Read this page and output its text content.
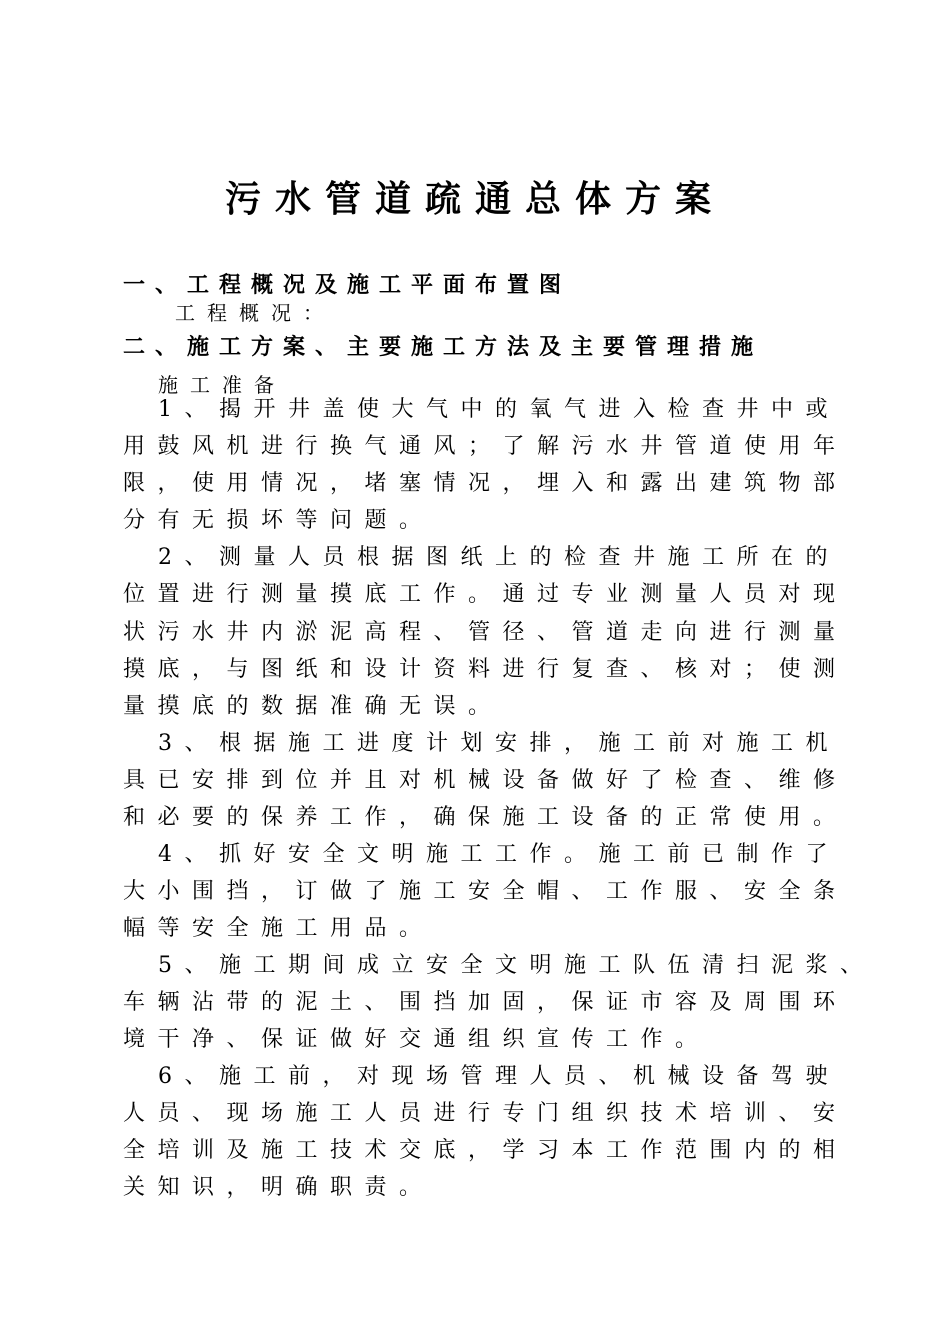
污水管道疏通总体方案
一、工程概况及施工平面布置图
工程概况：
二、施工方案、主要施工方法及主要管理措施
施工准备
1、揭开井盖使大气中的氧气进入检查井中或
用鼓风机进行换气通风；了解污水井管道使用年
限，使用情况，堵塞情况，埋入和露出建筑物部
分有无损坏等问题。
2、测量人员根据图纸上的检查井施工所在的
位置进行测量摸底工作。通过专业测量人员对现
状污水井内淤泥高程、管径、管道走向进行测量
摸底，与图纸和设计资料进行复查、核对；使测
量摸底的数据准确无误。
3、根据施工进度计划安排，施工前对施工机
具已安排到位并且对机械设备做好了检查、维修
和必要的保养工作，确保施工设备的正常使用。
4、抓好安全文明施工工作。施工前已制作了
大小围挡，订做了施工安全帽、工作服、安全条
幅等安全施工用品。
5、施工期间成立安全文明施工队伍清扫泥浆、
车辆沾带的泥土、围挡加固，保证市容及周围环
境干净、保证做好交通组织宣传工作。
6、施工前，对现场管理人员、机械设备驾驶
人员、现场施工人员进行专门组织技术培训、安
全培训及施工技术交底，学习本工作范围内的相
关知识，明确职责。
